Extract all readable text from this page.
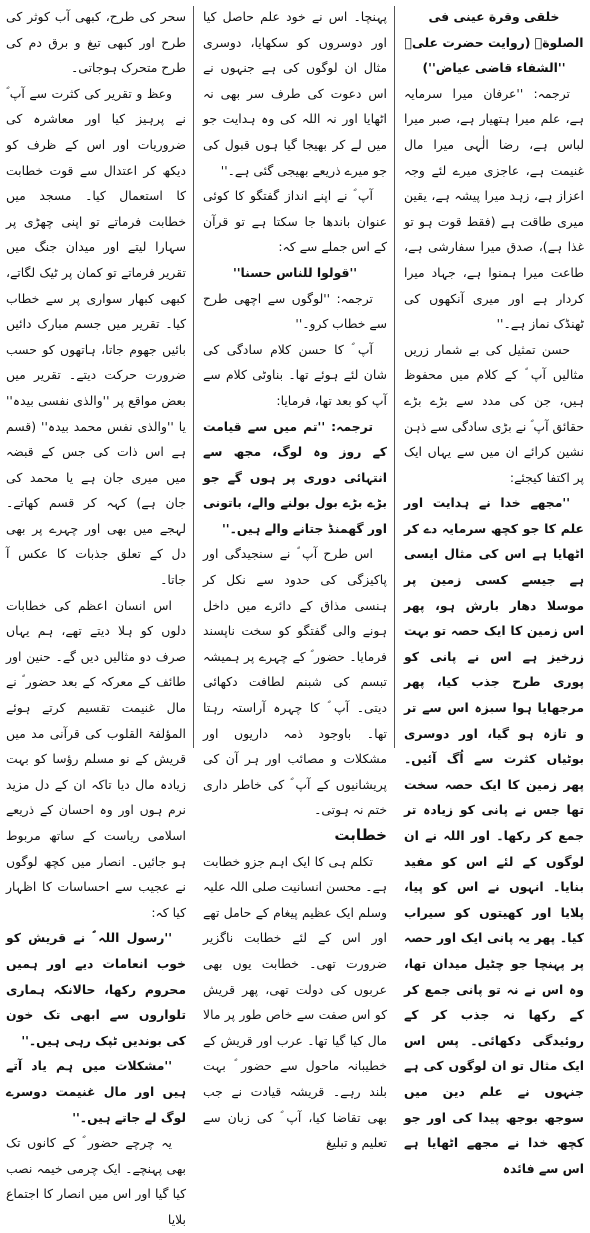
خلقی وقرة عینی فی الصلوة۔ (روایت حضرت علیؓ ''الشفاء قاضی عیاض'')

ترجمہ: ''عرفان میرا سرمایہ ہے، علم میرا ہتھیار ہے، صبر میرا لباس ہے، رضا الٰہی میرا مال غنیمت ہے، عاجزی میرے لئے وجہ اعزاز ہے، زہد میرا پیشہ ہے، یقین میری طاقت ہے (فقط قوت ہو تو غذا ہے)، صدق میرا سفارشی ہے، طاعت میرا ہمنوا ہے، جہاد میرا کردار ہے اور میری آنکھوں کی ٹھنڈک نماز ہے۔''

حسن تمثیل کی بے شمار زریں مثالیں آپ ؐ کے کلام میں محفوظ ہیں، جن کی مدد سے بڑے بڑے حقائق آپ ؐ نے بڑی سادگی سے ذہن نشین کرائے ان میں سے یہاں ایک پر اکتفا کیجئے:

''مجھے خدا نے ہدایت اور علم کا جو کچھ سرمایہ دے کر اٹھایا ہے اس کی مثال ایسی ہے جیسے کسی زمین پر موسلا دھار بارش ہو، پھر اس زمین کا ایک حصہ تو بہت زرخیز ہے اس نے پانی کو پوری طرح جذب کیا، پھر مرجھایا ہوا سبزہ اس سے تر و تازہ ہو گیا، اور دوسری بوٹیاں کثرت سے اُگ آئیں۔ پھر زمین کا ایک حصہ سخت تھا جس نے پانی کو زیادہ تر جمع کر رکھا۔ اور اللہ نے ان لوگوں کے لئے اس کو مفید بنایا۔ انہوں نے اس کو پیا، پلایا اور کھیتوں کو سیراب کیا۔ پھر یہ پانی ایک اور حصہ پر پہنچا جو چٹیل میدان تھا، وہ اس نے نہ تو پانی جمع کر کے رکھا نہ جذب کر کے روئیدگی دکھائی۔ پس اس ایک مثال تو ان لوگوں کی ہے جنہوں نے علم دین میں سوجھ بوجھ پیدا کی اور جو کچھ خدا نے مجھے اٹھایا ہے اس سے فائدہ

پہنچا۔ اس نے خود علم حاصل کیا اور دوسروں کو سکھایا، دوسری مثال ان لوگوں کی ہے جنہوں نے اس دعوت کی طرف سر بھی نہ اٹھایا اور نہ اللہ کی وہ ہدایت جو میں لے کر بھیجا گیا ہوں قبول کی جو میرے ذریعے بھیجی گئی ہے۔''

آپ ؐ نے اپنے انداز گفتگو کا کوئی عنوان باندھا جا سکتا ہے تو قرآن کے اس جملے سے کہ:

''قولوا للناس حسنا''

ترجمہ: ''لوگوں سے اچھی طرح سے خطاب کرو۔''

آپ ؐ کا حسن کلام سادگی کی شان لئے ہوئے تھا۔ بناوٹی کلام سے آپ کو بعد تھا، فرمایا:

ترجمہ: ''تم میں سے قیامت کے روز وہ لوگ، مجھ سے انتہائی دوری پر ہوں گے جو بڑے بڑے بول بولنے والے، باتونی اور گھمنڈ جتانے والے ہیں۔''

اس طرح آپ ؐ نے سنجیدگی اور پاکیزگی کی حدود سے نکل کر ہنسی مذاق کے دائرے میں داخل ہونے والی گفتگو کو سخت ناپسند فرمایا۔ حضور ؐ کے چہرے پر ہمیشہ تبسم کی شبنم لطافت دکھائی دیتی۔ آپ ؐ کا چہرہ آراستہ رہتا تھا۔ باوجود ذمہ داریوں اور مشکلات و مصائب اور ہر آن کی پریشانیوں کے آپ ؐ کی خاطر داری ختم نہ ہوتی۔

خطابت

تکلم ہی کا ایک اہم جزو خطابت ہے۔ محسن انسانیت صلی اللہ علیہ وسلم ایک عظیم پیغام کے حامل تھے اور اس کے لئے خطابت ناگزیر ضرورت تھی۔ خطابت یوں بھی عربوں کی دولت تھی، پھر قریش کو اس صفت سے خاص طور پر مالا مال کیا گیا تھا۔ عرب اور قریش کے خطیبانہ ماحول سے حضور ؐ بہت بلند رہے۔ قریشہ قیادت نے جب بھی تقاضا کیا، آپ ؐ کی زبان سے تعلیم و تبلیغ

سحر کی طرح، کبھی آب کوثر کی طرح اور کبھی تیغ و برق دم کی طرح متحرک ہوجاتی۔

وعظ و تقریر کی کثرت سے آپ ؐ نے پرہیز کیا اور معاشرہ کی ضروریات اور اس کے ظرف کو دیکھ کر اعتدال سے قوت خطابت کا استعمال کیا۔ مسجد میں خطابت فرماتے تو اپنی چھڑی پر سہارا لیتے اور میدان جنگ میں تقریر فرماتے تو کمان پر ٹیک لگاتے، کبھی کبھار سواری پر سے خطاب کیا۔ تقریر میں جسم مبارک دائیں بائیں جھوم جاتا، ہاتھوں کو حسب ضرورت حرکت دیتے۔ تقریر میں بعض مواقع پر ''والذی نفسی بیدہ'' یا ''والذی نفس محمد بیدہ'' (قسم ہے اس ذات کی جس کے قبضہ میں میری جان ہے یا محمد کی جان ہے) کہہ کر قسم کھاتے۔ لہجے میں بھی اور چہرے پر بھی دل کے تعلق جذبات کا عکس آ جاتا۔

اس انسان اعظم کی خطابات دلوں کو ہلا دیتے تھے، ہم یہاں صرف دو مثالیں دیں گے۔ حنین اور طائف کے معرکہ کے بعد حضور ؐ نے مال غنیمت تقسیم کرتے ہوئے المؤلفۃ القلوب کی قرآنی مد میں قریش کے نو مسلم رؤسا کو بہت زیادہ مال دیا تاکہ ان کے دل مزید نرم ہوں اور وہ احسان کے ذریعے اسلامی ریاست کے ساتھ مربوط ہو جائیں۔ انصار میں کچھ لوگوں نے عجیب سے احساسات کا اظہار کیا کہ:

''رسول اللہ ؐ نے قریش کو خوب انعامات دیے اور ہمیں محروم رکھا، حالانکہ ہماری تلواروں سے ابھی تک خون کی بوندیں ٹپک رہی ہیں۔''

''مشکلات میں ہم یاد آتے ہیں اور مال غنیمت دوسرے لوگ لے جاتے ہیں۔''

یہ چرچے حضور ؐ کے کانوں تک بھی پہنچے۔ ایک چرمی خیمہ نصب کیا گیا اور اس میں انصار کا اجتماع بلایا
